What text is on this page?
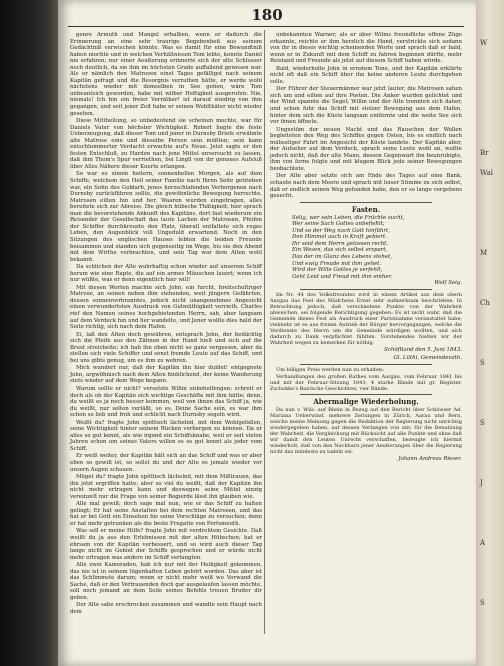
180

genre Armuth und Mangel erhalben, wenn er dadurch die Erinnerung an eine sehr traurige Begebenheit aus seinem Gedächtniß verwischen könnte. Was es damit für eine Bewandtniß haben mochte und in welchen Verhältnissen Tom lebte, konnte Daniel nie erfahren; nur einer Aeußerung erinnerte sich der alte Schlosser noch deutlich, da sie ihm im höchsten Grade auffallend gewesen war. Als er nämlich den Matrosen einst Tages gefälligst nach seinem Kapitän gefragt und die Besorgnis verrathen hätte, er werde wohl nächstens wieder mit demselben in See gehen, wäre Tom unbeantsich geworden, habe mit wilber Heftigkeit ausgerufen: Nie, niemals! Ich bin ein freier Verräther! ist darauf wiedrig von ihm gegangen, und seit jener Zeit habe er seinen Wohlthäter nicht wieder gesehen.

Diese Mittheilung, so unbedeutend sie scheinen mochte, war für Daniels Vater von höchster Wichtigkeit. Robert hegte die feste Ueberzeugung, daß dieser Tom und jener in Durnsby Briefe erwähnte alte Matrose eine und dieselbe Person sein müßten; sein kann entschlummerter Verdacht erwachte auf's Neue. Jetzt sagte er den festen Entschluß, zu Harden nach jene Mittel unversucht zu lassen, daß ihm Thom's Spur verriethen, bei Lingll von ihr genaues Aufsluß über Alles Nähere dieser Kuerte erlangen.

So war es einem heitern, sonnenhellen Morgen, als auf dem Schiffe, welchem den Heil seiner Familie nach Ihren Seite getrieben war, ein Sohn des Goldarb, jenes herzschlafenden Verborgenen nach Durnsby zurückführen sollte, die gewöhnliche Bewegung herrschte. Matrosen eilten hin und her, Waaren wurden eingetragen, alles bereitete sich zur Abreise. Die gleich hübsche Thätigkeit; hier sprach man die bevorstehende Ankunft des Kapitäns, dort fast wiederum ein Reisender der Gesellschaft das laute Lachen der Matrosen, Pfeifen der Schiffer durchkreuzte den Platz, überall entfaltete sich reges Leben, den Augenblick voll Ungeduld erwartend. Noch in den Sitzungen des englischen Hauses lebten die beiden Freunde beisammen und standen sich gegenseitig im Wege, bis sie den Abend mit dem Wirthe verbrachten, und sein Tag war dem Alten wohl bekannt.

Da schlichen der Alte wahrhaftig schon wieder auf unserem Schiff herum wie eine Rapte, die auf ein armes Mäuschen lauert; wenn ich nur wüßte, was er denn eigentlich hier will!

Mit diesen Worten machte sich John, ein furcht, breitschultriger Matrose, an seinen neben ihm stehenden, weit jüngern Gefährten, dessen sonnenverbranntes, jedoch nicht unangenehmes Angesicht einen verwundertsten Ausdruck von Gutmüthigkeit verrieth. Charles rief den Namen seines hochgebietenden Herrn, sah, aber langsam auf dem Verdeck hin und her wandelte, und Jener wollte dies bald der Seite richtig, sich nach dem Hafen.

Ei, laß den Alten doch gewähren, entsprach John, der bedächtig sich die Pfeife aus den Zähnen in der Hand hielt und sich auf die Brust streichelte; ich hab ihn eben nicht so ganz vergessen, aber da stellen sich viele Schiffer und sonst fremde Leute auf das Schiff, und bei uns gibts genug, um es ihm zu wehren.

Mich wundert nur, daß der Kapitän ihn hier duldet! entgegnete John, argwöhnisch nach dem Alten hinblickend, der keine Wanderung stets wieder auf dem Wege begann.

Warum sollte er nicht? versetzte Willm unbeholfengen; schreit er doch als ob der Kapitän sich wichtige Geschäfte mit ihm hätte; denn, du weißt es ja noch besser kommen, weil von ihnen das Schiff ja, wie du weißt, nur selten verläßt, so es, Deine Sache sein, es war ihm schon so lieb und froh und schlicht nach Durnsby segeln wird.

Weißt du? fragte John spöttisch lächelnd, mit dem Wohlgefallen, seine Wichtigkeit hinter seinem Rücken verbergen zu können. Da er alles so gut kennt, als wie irgend ein Schiffsknabe, weil er seit vielen Jahren schon um seines Vaters willen es so gut kennt als jeder vom Schiff.

Er weiß weiter, der Kapitän hält sich an das Schiff und was er aber eben so gewiß ist, so sollst du und der Alte es jemals wieder vor unsern Augen schauen.

Möget du? fragte John spöttisch lächelnd, mit dem Mißtrauen, das ihn jetzt ergriffen hatte; aber so viel du weißt, daß der Kapitän ihn nicht mehr ertragen kann und deswegen seine Mittel einzig vereinzelt nur die Frage von seiner Begierde lässt ihn glauben wie.

Alle mal gewiß; doch sage mal nun, wie er das Schiff zu halten gelingt; Er hat seine Anstalten bei dem rechten Matrosen, und das hat er bei Gott ein Einsehen bis seine Vorschläge zu versuchen; denn er hat mehr getrunken als die beste Fregatte von Portsmouth.

Was soll er meine Hilfe? fragte John mit verdrehtem Gesichte. Daß weißt du ja aus den Erlebnissen mit der alten Hübschen; hat er ehrsam von dir Kapitän verbessert, und so wird auch dieser Tag lange nicht im Gebiet der Schiffe gesprochen und er würde nicht mehr ertragen was andere im Schiff verlangten.

Alle zwei Kameraden, hab ich nur mit der Heiligkeit gekommen, das nie ist in seinem lügenhaften Leben gehört worden. Das aber ist das Schlimmste darum; wenn er nicht mehr weiß wo Vorwand die Sache, daß er den Vertrauenden doch gar ausgelaufen lassen möchte, soll noch jemand an dem Seile seines Befehls treuen Bruder dir geben.

Der Alte sahe erschrocken zusammen und wandte sein Haupt nach dem

unbekannten Warner; als er aber Wilms freundliche offene Züge erkannte, reichte er ihm herzlich die Hand, verstrickte sich sodann von ihr in dieses wichtig scheinenden Worte und sprach daß er bald, wenn er in Zukunft mit dem Schiff zu fahren beginnen dürfte, mehr Beistand und Freunde als jetzt auf diesem Schiff haben würde.

Bald, wiederholte John in ernstem Tone, und der Kapitän erklärte nicht oft daß ein Schiff über ihn keine anderen Leute durchgehen solle.

Der Führer der Steuermänner war jetzt lauter, die Matrosen sahen sich um und eilten auf ihre Posten. Die Anker wurden gelichtet und der Wind spannte die Segel; Willm und der Alte trennten sich daher, und schon fuhr das Schiff mit stolzer Bewegung aus dem Hafen, hinter dem sich die Küste langsam entfernte und die weite See sich vor ihnen öffnete.

Ungestüm der neuen Nacht und das Rauschen der Wellen begleiteten den Weg des Schiffes gegen Osten, bis es endlich nach mühseliger Fahrt im Angesicht der Küste landete. Der Kapitän aber, der Aufseher auf dem Verdeck, sprach seine Leute wohl an, wußte jedoch nicht, daß der alte Mann, dessen Gegenwart ihn beunruhigte, ihm von ferne folgte und mit klugem Blick jede seiner Bewegungen beobachtete.

Der Alte aber setzte sich am Ende des Tages auf eine Bank, schaute nach dem Meere und sprach mit leiser Stimme zu sich selbst, daß er endlich seinen Weg gefunden habe, den er so lange vergebens gesucht.

Fasten.

Selig, wer sein Leben, die Früchte sucht,

Wer seine Sach Gottes anbefiehlt;

Und so der Weg nach Gott hinführt,

Den Himmel auch in Kraft gebiert.

Ihr seid dem Herrn gelassen recht,

Ein Wesen, das sich selbst erspart,

Das der im Glanz des Lebens stehet,

Und ewig Freude mit ihm gehet.

Wird der Wille Gottes je verfehlt,

Geht Leid und Freud mit ihm einher.

Wolf Seig.

Im Nr. 44 des Volksfreundes wird in einem Artikel aus dem obern Aargau das Fest des Mädchens Ernst sehr aufmerksam beschrieben. In Betrachtung jedoch, daß verschiedene Punkte von der Wahrheit abweichen, sei folgende Berichtigung gegeben: Es ist nicht wahr, daß die Gemeinde dieses Fest als Ausdruck einer Parteinahme veranstaltet habe; vielmehr ist es aus freiem Antrieb der Bürger hervorgegangen, welche die Verdienste des Herrn um die Gemeinde würdigen wollten, und sich dadurch zu Dank verpflichtet fühlten. Vorstehendes hielten wir der Wahrheit wegen zu bemerken für nöthig.

Schöftland den 5. Juni 1843.

Gl. Lüthi, Gemeindevath.

Um billigen Preis werden nun zu erhalten:

Verhandlungen des großen Rathes vom Aargau, vom Februar 1841 bis und mit der Februar-Sitzung 1843; 4 starke Bände mit gr. Register. Zschokke's Bairische Geschichten, vier Bände.

Abermalige Wiederholung.

Da nun v. Wils. auf Rhein in Bezug auf den Bericht über Schlosser Ad. Mariana Ueberwind, mehrere Zeitungen in Zürich, Aarau und Bern, welche meine Meinung gegen die Redaktion der Regierung nicht unrichtig wiedergegeben haben, auf dessen Verlangen von mir, für die Benutzung der Wahrheit, die Vergleichung mit Rücksicht auf alle Punkte und ohne daß wir damit den Leuten Unrecht verschaffen, bezeugte ich hiermit wiederholt, daß von den Nachbarn jener Aeußerungen über die Regierung nicht das mindeste zu tadeln sei.

Johann Andreas Rieser.

W
Br
Wal
M
Ch
S
S
J
A
S
